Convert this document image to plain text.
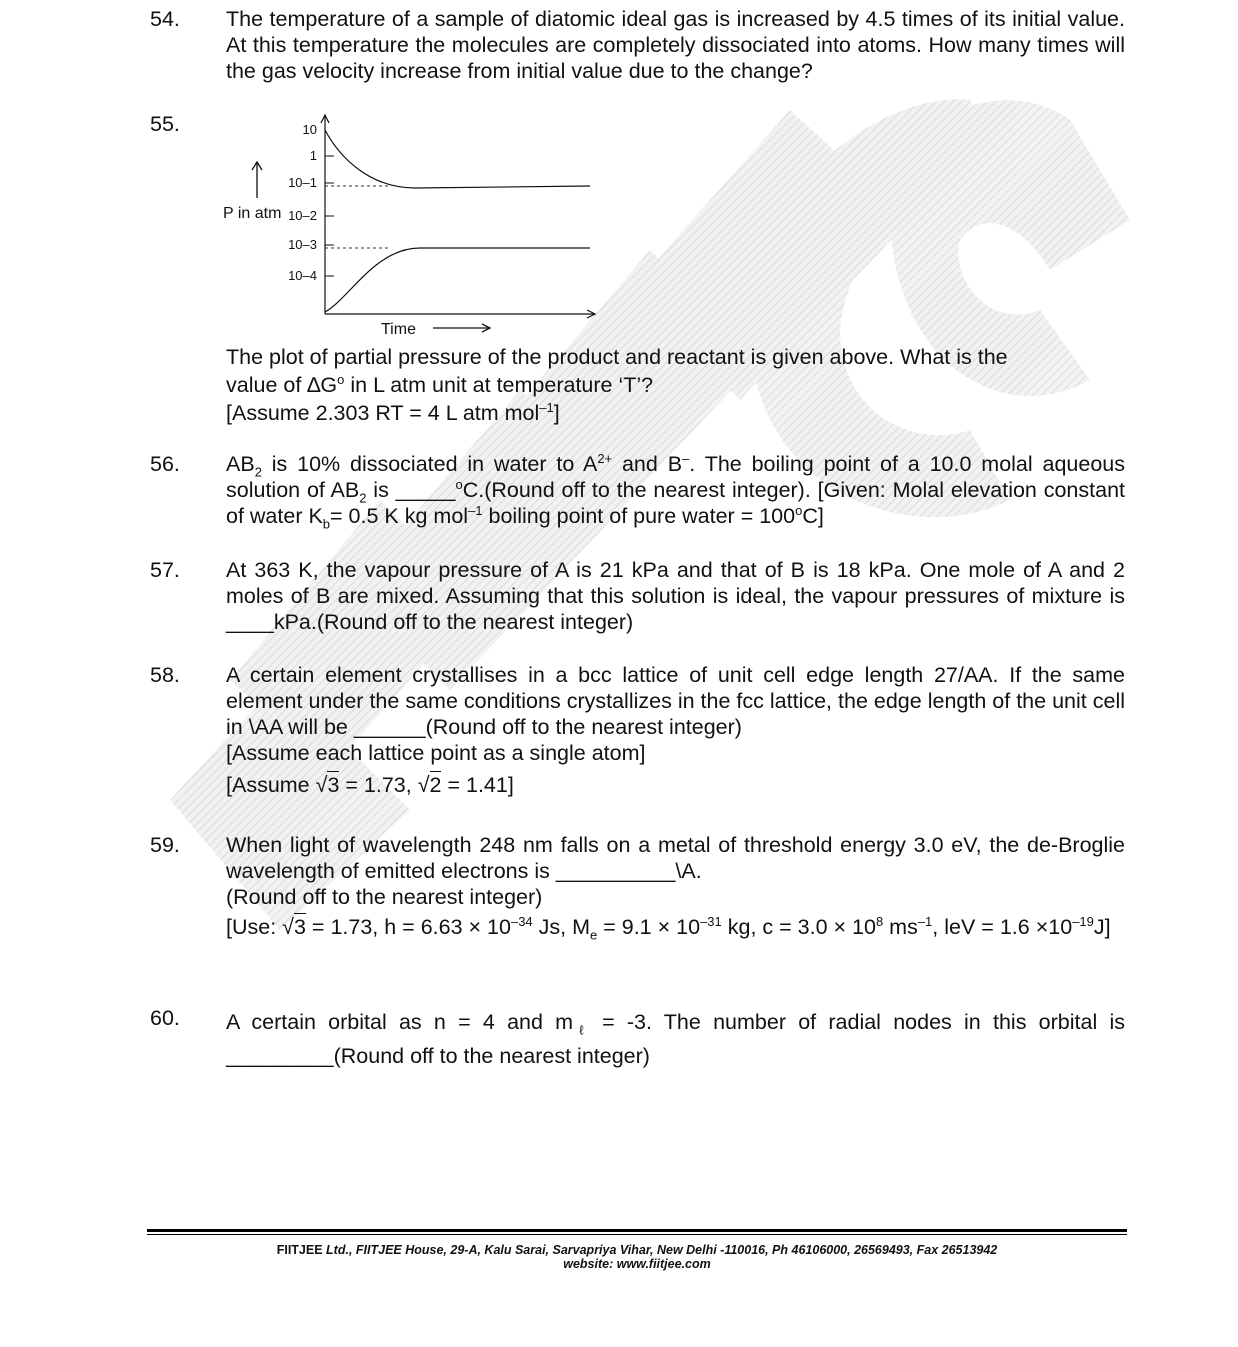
54. The temperature of a sample of diatomic ideal gas is increased by 4.5 times of its initial value. At this temperature the molecules are completely dissociated into atoms. How many times will the gas velocity increase from initial value due to the change?
55.	10
1
10–1
10–2
10–3
10–4
P in atm
Time
The plot of partial pressure of the product and reactant is given above. What is the
value of $\Delta G^o$ in L atm unit at temperature ‘T’?
[Assume 2.303 RT = 4 L atm mol$^{-1}$]
56. $AB_2$ is 10% dissociated in water to $A^{2+}$ and B–. The boiling point of a 10.0 molal aqueous solution of $AB_2$ is _____$^o$C.(Round off to the nearest integer). [Given: Molal elevation constant of water $K_b= 0.5$ K kg mol$^{-1}$ boiling point of pure water = $100^oC$]
57. At 363 K, the vapour pressure of A is 21 kPa and that of B is 18 kPa. One mole of A and 2 moles of B are mixed. Assuming that this solution is ideal, the vapour pressures of mixture is ____kPa.(Round off to the nearest integer)
58. A certain element crystallises in a bcc lattice of unit cell edge length 27/AA. If the same element under the same conditions crystallizes in the fcc lattice, the edge length of the unit cell in \AA will be ______(Round off to the nearest integer)
[Assume each lattice point as a single atom]
[Assume √3 = 1.73, √2 = 1.41]
59. When light of wavelength 248 nm falls on a metal of threshold energy 3.0 eV, the de-Broglie wavelength of emitted electrons is __________\A.
(Round off to the nearest integer)
[Use: √3 = 1.73, $h = 6.63 \times 10^{-34}$ Js, $M_e = 9.1 \times 10^{-31}$ kg, $c = 3.0 \times 10^8$ $ms^{-1}$, leV = $1.6 \times 10^{-19}J$]
60. A certain orbital as n = 4 and $m_\ell = -3$. The number of radial nodes in this orbital is
_________(Round off to the nearest integer)
FIITJEE Ltd., FIITJEE House, 29-A, Kalu Sarai, Sarvapriya Vihar, New Delhi -110016, Ph 46106000, 26569493, Fax 26513942
website: www.fiitjee.com
